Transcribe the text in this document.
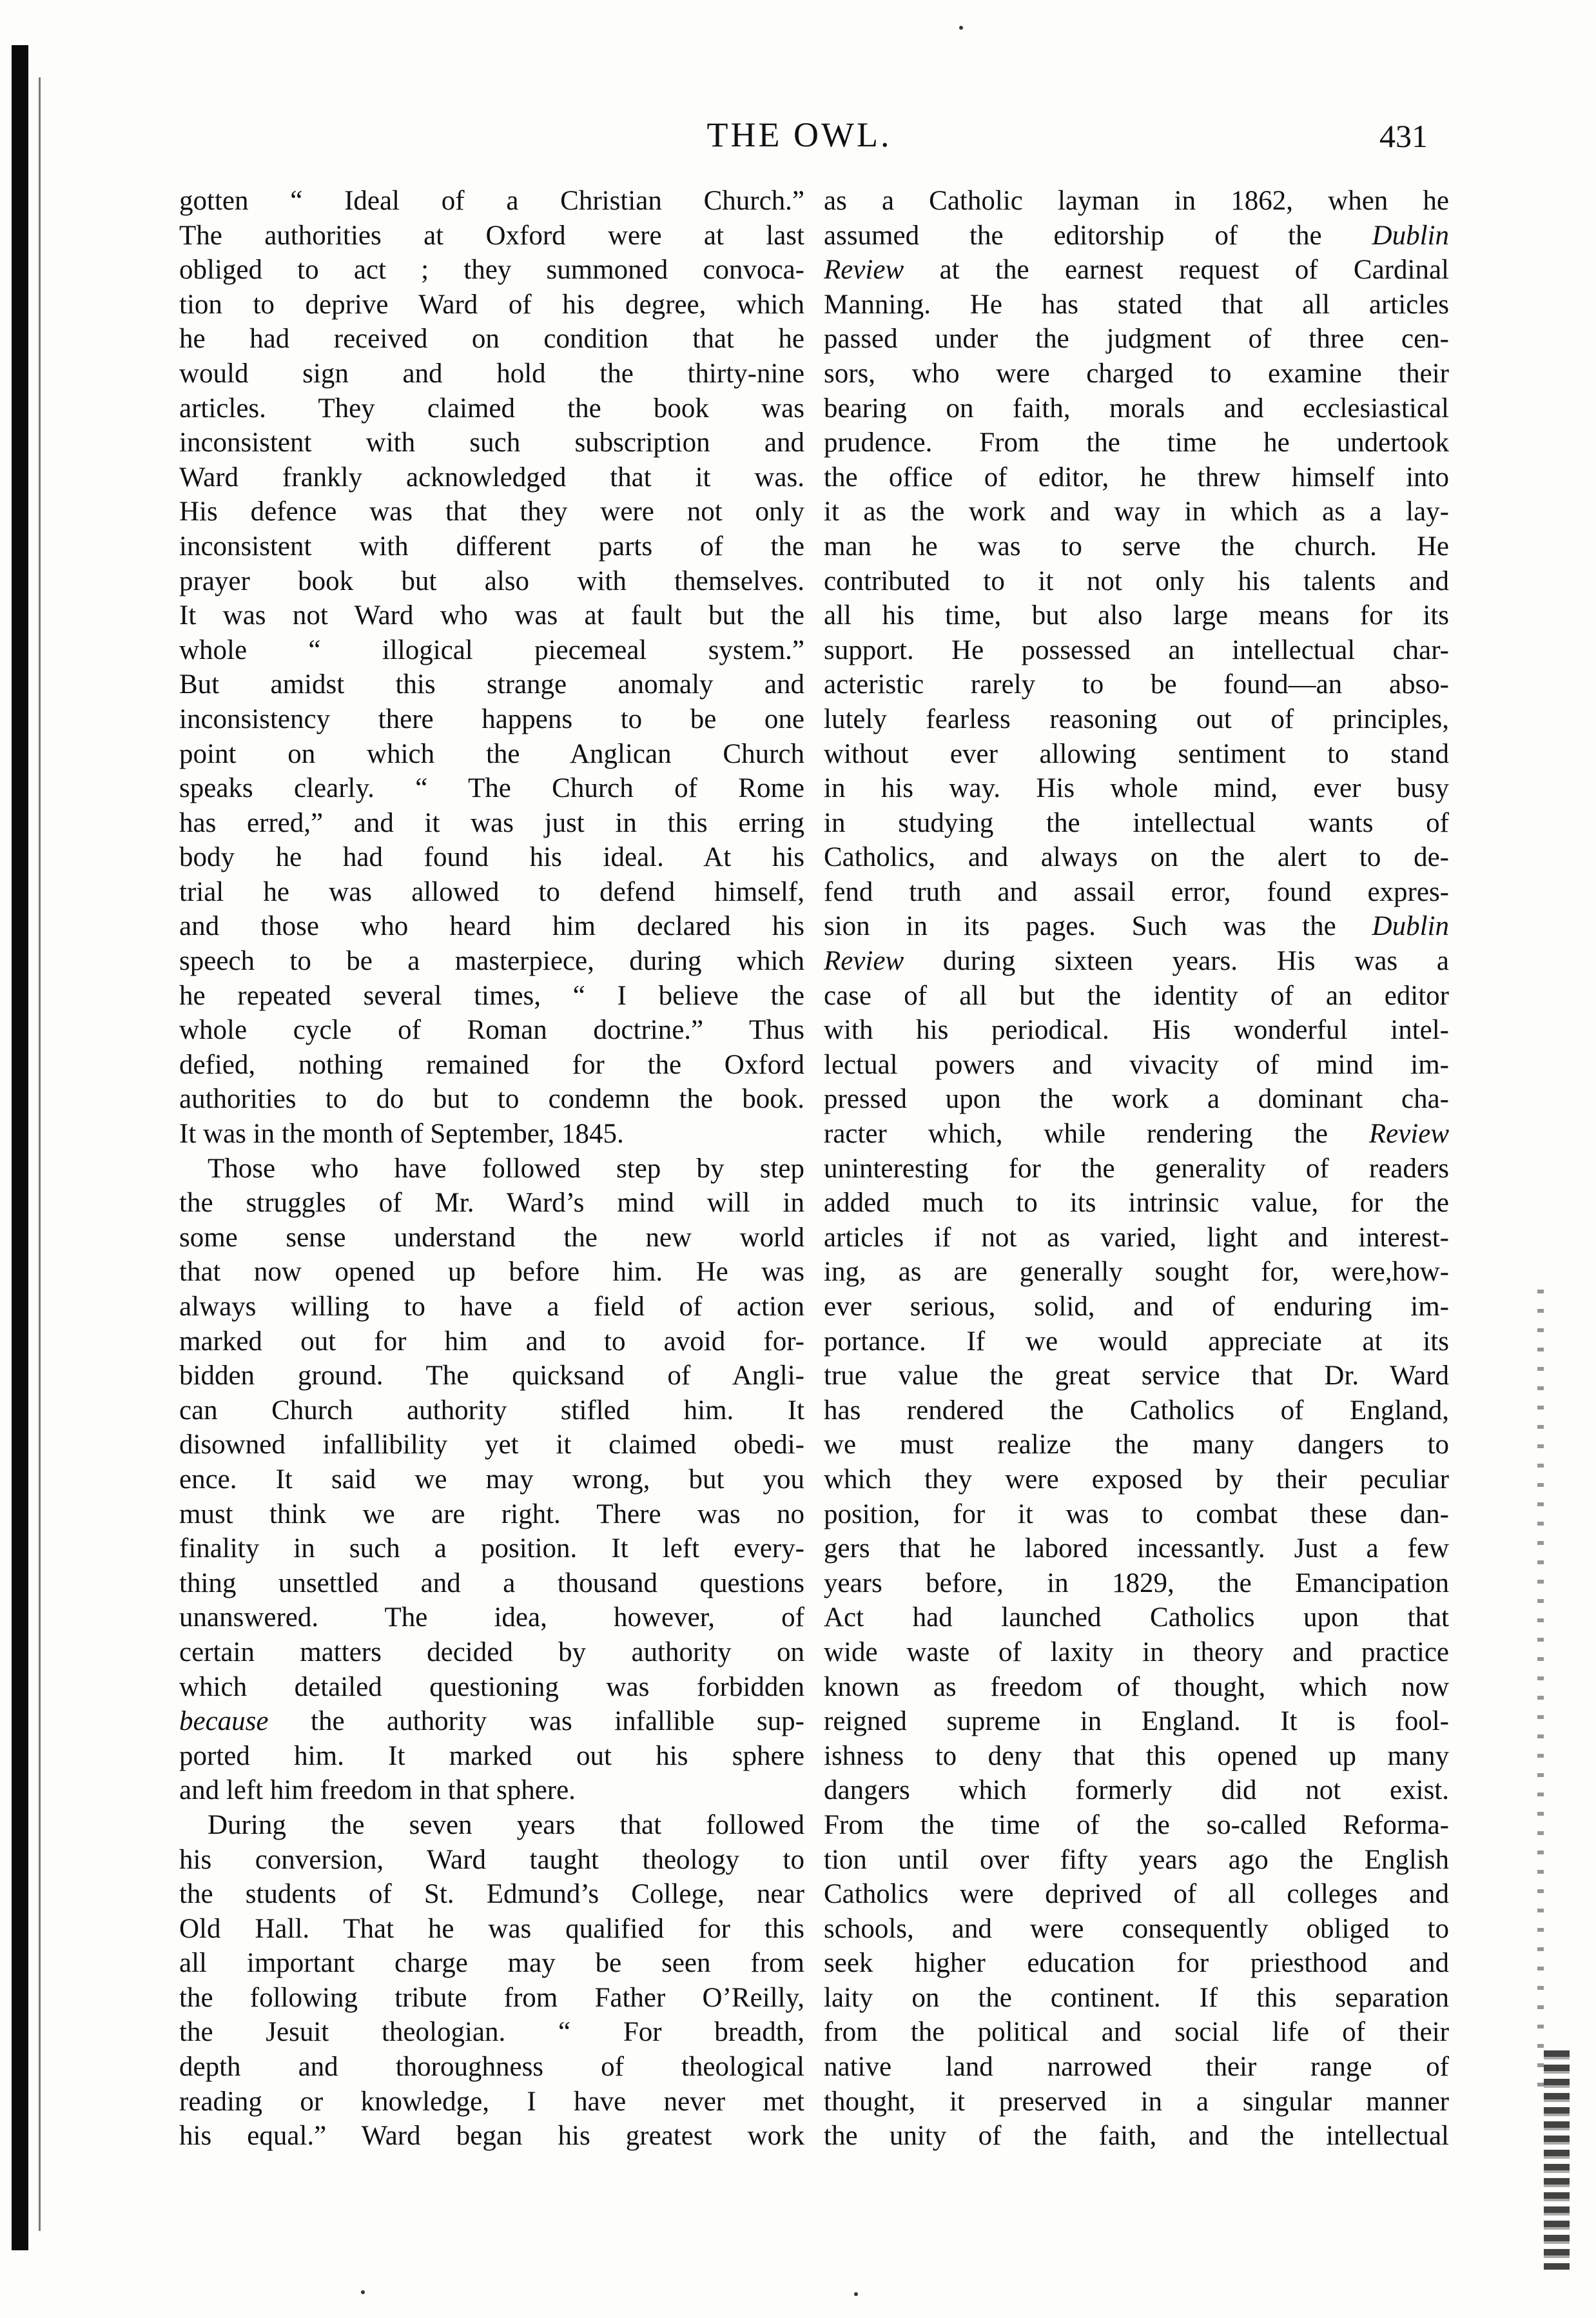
THE OWL.	431
gotten “ Ideal of a Christian Church.”
The authorities at Oxford were at last
obliged to act ; they summoned convoca-
tion to deprive Ward of his degree, which
he had received on condition that he
would sign and hold the thirty-nine
articles. They claimed the book was
inconsistent with such subscription and
Ward frankly acknowledged that it was.
His defence was that they were not only
inconsistent with different parts of the
prayer book but also with themselves.
It was not Ward who was at fault but the
whole “ illogical piecemeal system.”
But amidst this strange anomaly and
inconsistency there happens to be one
point on which the Anglican Church
speaks clearly. “ The Church of Rome
has erred,” and it was just in this erring
body he had found his ideal. At his
trial he was allowed to defend himself,
and those who heard him declared his
speech to be a masterpiece, during which
he repeated several times, “ I believe the
whole cycle of Roman doctrine.” Thus
defied, nothing remained for the Oxford
authorities to do but to condemn the book.
It was in the month of September, 1845.
Those who have followed step by step
the struggles of Mr. Ward’s mind will in
some sense understand the new world
that now opened up before him. He was
always willing to have a field of action
marked out for him and to avoid for-
bidden ground. The quicksand of Angli-
can Church authority stifled him. It
disowned infallibility yet it claimed obedi-
ence. It said we may wrong, but you
must think we are right. There was no
finality in such a position. It left every-
thing unsettled and a thousand questions
unanswered. The idea, however, of
certain matters decided by authority on
which detailed questioning was forbidden
because the authority was infallible sup-
ported him. It marked out his sphere
and left him freedom in that sphere.
During the seven years that followed
his conversion, Ward taught theology to
the students of St. Edmund’s College, near
Old Hall. That he was qualified for this
all important charge may be seen from
the following tribute from Father O’Reilly,
the Jesuit theologian. “ For breadth,
depth and thoroughness of theological
reading or knowledge, I have never met
his equal.” Ward began his greatest work
as a Catholic layman in 1862, when he
assumed the editorship of the Dublin
Review at the earnest request of Cardinal
Manning. He has stated that all articles
passed under the judgment of three cen-
sors, who were charged to examine their
bearing on faith, morals and ecclesiastical
prudence. From the time he undertook
the office of editor, he threw himself into
it as the work and way in which as a lay-
man he was to serve the church. He
contributed to it not only his talents and
all his time, but also large means for its
support. He possessed an intellectual char-
acteristic rarely to be found—an abso-
lutely fearless reasoning out of principles,
without ever allowing sentiment to stand
in his way. His whole mind, ever busy
in studying the intellectual wants of
Catholics, and always on the alert to de-
fend truth and assail error, found expres-
sion in its pages. Such was the Dublin
Review during sixteen years. His was a
case of all but the identity of an editor
with his periodical. His wonderful intel-
lectual powers and vivacity of mind im-
pressed upon the work a dominant cha-
racter which, while rendering the Review
uninteresting for the generality of readers
added much to its intrinsic value, for the
articles if not as varied, light and interest-
ing, as are generally sought for, were,how-
ever serious, solid, and of enduring im-
portance. If we would appreciate at its
true value the great service that Dr. Ward
has rendered the Catholics of England,
we must realize the many dangers to
which they were exposed by their peculiar
position, for it was to combat these dan-
gers that he labored incessantly. Just a few
years before, in 1829, the Emancipation
Act had launched Catholics upon that
wide waste of laxity in theory and practice
known as freedom of thought, which now
reigned supreme in England. It is fool-
ishness to deny that this opened up many
dangers which formerly did not exist.
From the time of the so-called Reforma-
tion until over fifty years ago the English
Catholics were deprived of all colleges and
schools, and were consequently obliged to
seek higher education for priesthood and
laity on the continent. If this separation
from the political and social life of their
native land narrowed their range of
thought, it preserved in a singular manner
the unity of the faith, and the intellectual
